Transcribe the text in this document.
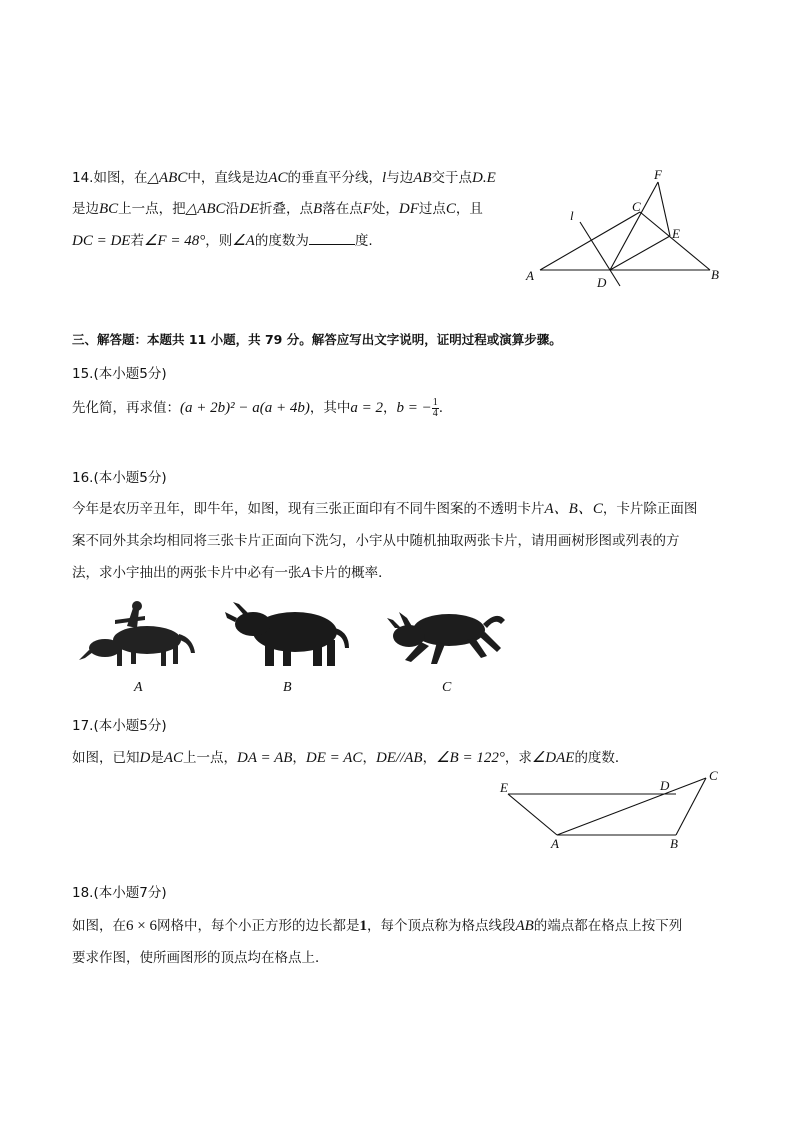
14.如图，在△ABC中，直线是边AC的垂直平分线，l与边AB交于点D.E
是边BC上一点，把△ABC沿DE折叠，点B落在点F处，DF过点C，且
DC = DE若∠F = 48°，则∠A的度数为	度.
F
C
l
E
A	D
B
三、解答题：本题共 11 小题，共 79 分。解答应写出文字说明，证明过程或演算步骤。
15.(本小题5分)
先化简，再求值：(a + 2b)² − a(a + 4b)，其中a = 2，b = − $\frac{1}{4}$ .
16.(本小题5分)
今年是农历辛丑年，即牛年，如图，现有三张正面印有不同牛图案的不透明卡片A、B、C，卡片除正面图
案不同外其余均相同将三张卡片正面向下洗匀，小宇从中随机抽取两张卡片，请用画树形图或列表的方
法，求小宇抽出的两张卡片中必有一张A卡片的概率．
A	B	C
17.(本小题5分)
如图，已知D是AC上一点，DA = AB，DE = AC，DE//AB，∠B = 122°，求∠DAE的度数．
E	D
C
A	B
18.(本小题7分)
如图，在6 × 6网格中，每个小正方形的边长都是1，每个顶点称为格点线段AB的端点都在格点上按下列
要求作图，使所画图形的顶点均在格点上．
